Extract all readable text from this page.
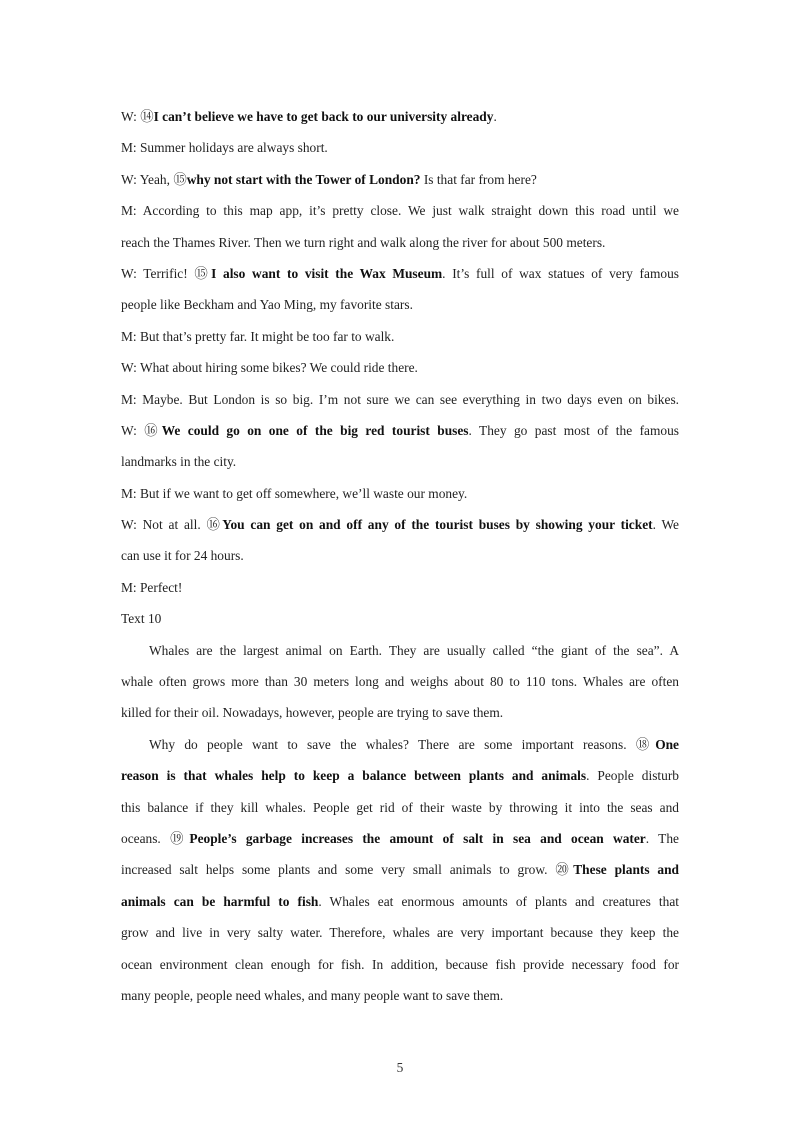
W: ⑭I can’t believe we have to get back to our university already.
M: Summer holidays are always short.
W: Yeah, ⑮why not start with the Tower of London? Is that far from here?
M: According to this map app, it’s pretty close. We just walk straight down this road until we
reach the Thames River. Then we turn right and walk along the river for about 500 meters.
W: Terrific! ⑮I also want to visit the Wax Museum. It’s full of wax statues of very famous
people like Beckham and Yao Ming, my favorite stars.
M: But that’s pretty far. It might be too far to walk.
W: What about hiring some bikes? We could ride there.
M: Maybe. But London is so big. I’m not sure we can see everything in two days even on bikes.
W: ⑯We could go on one of the big red tourist buses. They go past most of the famous
landmarks in the city.
M: But if we want to get off somewhere, we’ll waste our money.
W: Not at all. ⑯You can get on and off any of the tourist buses by showing your ticket. We
can use it for 24 hours.
M: Perfect!
Text 10
Whales are the largest animal on Earth. They are usually called “the giant of the sea”. A
whale often grows more than 30 meters long and weighs about 80 to 110 tons. Whales are often
killed for their oil. Nowadays, however, people are trying to save them.
Why do people want to save the whales? There are some important reasons. ⑱One
reason is that whales help to keep a balance between plants and animals. People disturb
this balance if they kill whales. People get rid of their waste by throwing it into the seas and
oceans. ⑲People’s garbage increases the amount of salt in sea and ocean water. The
increased salt helps some plants and some very small animals to grow. ⑳These plants and
animals can be harmful to fish. Whales eat enormous amounts of plants and creatures that
grow and live in very salty water. Therefore, whales are very important because they keep the
ocean environment clean enough for fish. In addition, because fish provide necessary food for
many people, people need whales, and many people want to save them.
5
